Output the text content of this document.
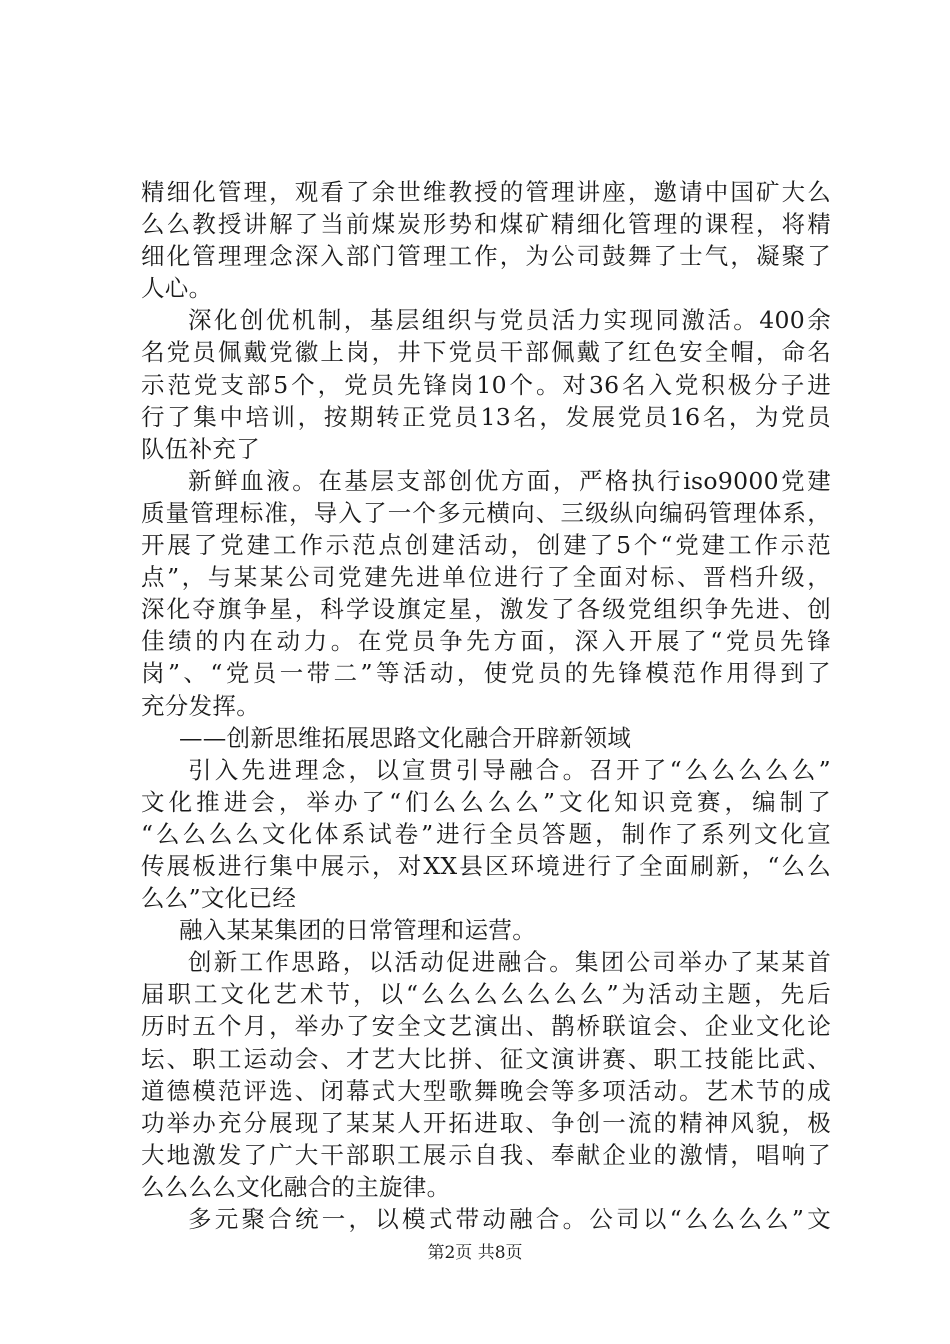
精细化管理，观看了余世维教授的管理讲座，邀请中国矿大么
么么教授讲解了当前煤炭形势和煤矿精细化管理的课程，将精
细化管理理念深入部门管理工作，为公司鼓舞了士气，凝聚了
人心。
深化创优机制，基层组织与党员活力实现同激活。400余
名党员佩戴党徽上岗，井下党员干部佩戴了红色安全帽，命名
示范党支部5个，党员先锋岗10个。对36名入党积极分子进
行了集中培训，按期转正党员13名，发展党员16名，为党员
队伍补充了
新鲜血液。在基层支部创优方面，严格执行iso9000党建
质量管理标准，导入了一个多元横向、三级纵向编码管理体系，
开展了党建工作示范点创建活动，创建了5个“党建工作示范
点”，与某某公司党建先进单位进行了全面对标、晋档升级，
深化夺旗争星，科学设旗定星，激发了各级党组织争先进、创
佳绩的内在动力。在党员争先方面，深入开展了“党员先锋
岗”、“党员一带二”等活动，使党员的先锋模范作用得到了
充分发挥。
——创新思维拓展思路文化融合开辟新领域
引入先进理念，以宣贯引导融合。召开了“么么么么么”
文化推进会，举办了“们么么么么”文化知识竞赛，编制了
“么么么么文化体系试卷”进行全员答题，制作了系列文化宣
传展板进行集中展示，对XX县区环境进行了全面刷新，“么么
么么”文化已经
融入某某集团的日常管理和运营。
创新工作思路，以活动促进融合。集团公司举办了某某首
届职工文化艺术节，以“么么么么么么么”为活动主题，先后
历时五个月，举办了安全文艺演出、鹊桥联谊会、企业文化论
坛、职工运动会、才艺大比拼、征文演讲赛、职工技能比武、
道德模范评选、闭幕式大型歌舞晚会等多项活动。艺术节的成
功举办充分展现了某某人开拓进取、争创一流的精神风貌，极
大地激发了广大干部职工展示自我、奉献企业的激情，唱响了
么么么么文化融合的主旋律。
多元聚合统一，以模式带动融合。公司以“么么么么”文
第2页 共8页
